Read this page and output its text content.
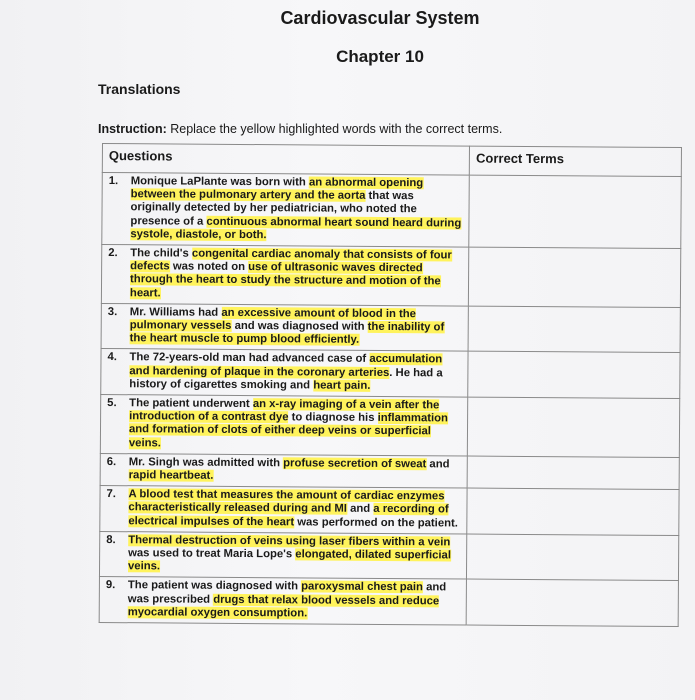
Cardiovascular System
Chapter 10
Translations
Instruction: Replace the yellow highlighted words with the correct terms.
Questions	Correct Terms

1. Monique LaPlante was born with an abnormal opening between the pulmonary artery and the aorta that was originally detected by her pediatrician, who noted the presence of a continuous abnormal heart sound heard during systole, diastole, or both.	

2. The child's congenital cardiac anomaly that consists of four defects was noted on use of ultrasonic waves directed through the heart to study the structure and motion of the heart.	

3. Mr. Williams had an excessive amount of blood in the pulmonary vessels and was diagnosed with the inability of the heart muscle to pump blood efficiently.	

4. The 72-years-old man had advanced case of accumulation and hardening of plaque in the coronary arteries. He had a history of cigarettes smoking and heart pain.	

5. The patient underwent an x-ray imaging of a vein after the introduction of a contrast dye to diagnose his inflammation and formation of clots of either deep veins or superficial veins.	

6. Mr. Singh was admitted with profuse secretion of sweat and rapid heartbeat.	

7. A blood test that measures the amount of cardiac enzymes characteristically released during and MI and a recording of electrical impulses of the heart was performed on the patient.	

8. Thermal destruction of veins using laser fibers within a vein was used to treat Maria Lope's elongated, dilated superficial veins.	

9. The patient was diagnosed with paroxysmal chest pain and was prescribed drugs that relax blood vessels and reduce myocardial oxygen consumption.	
